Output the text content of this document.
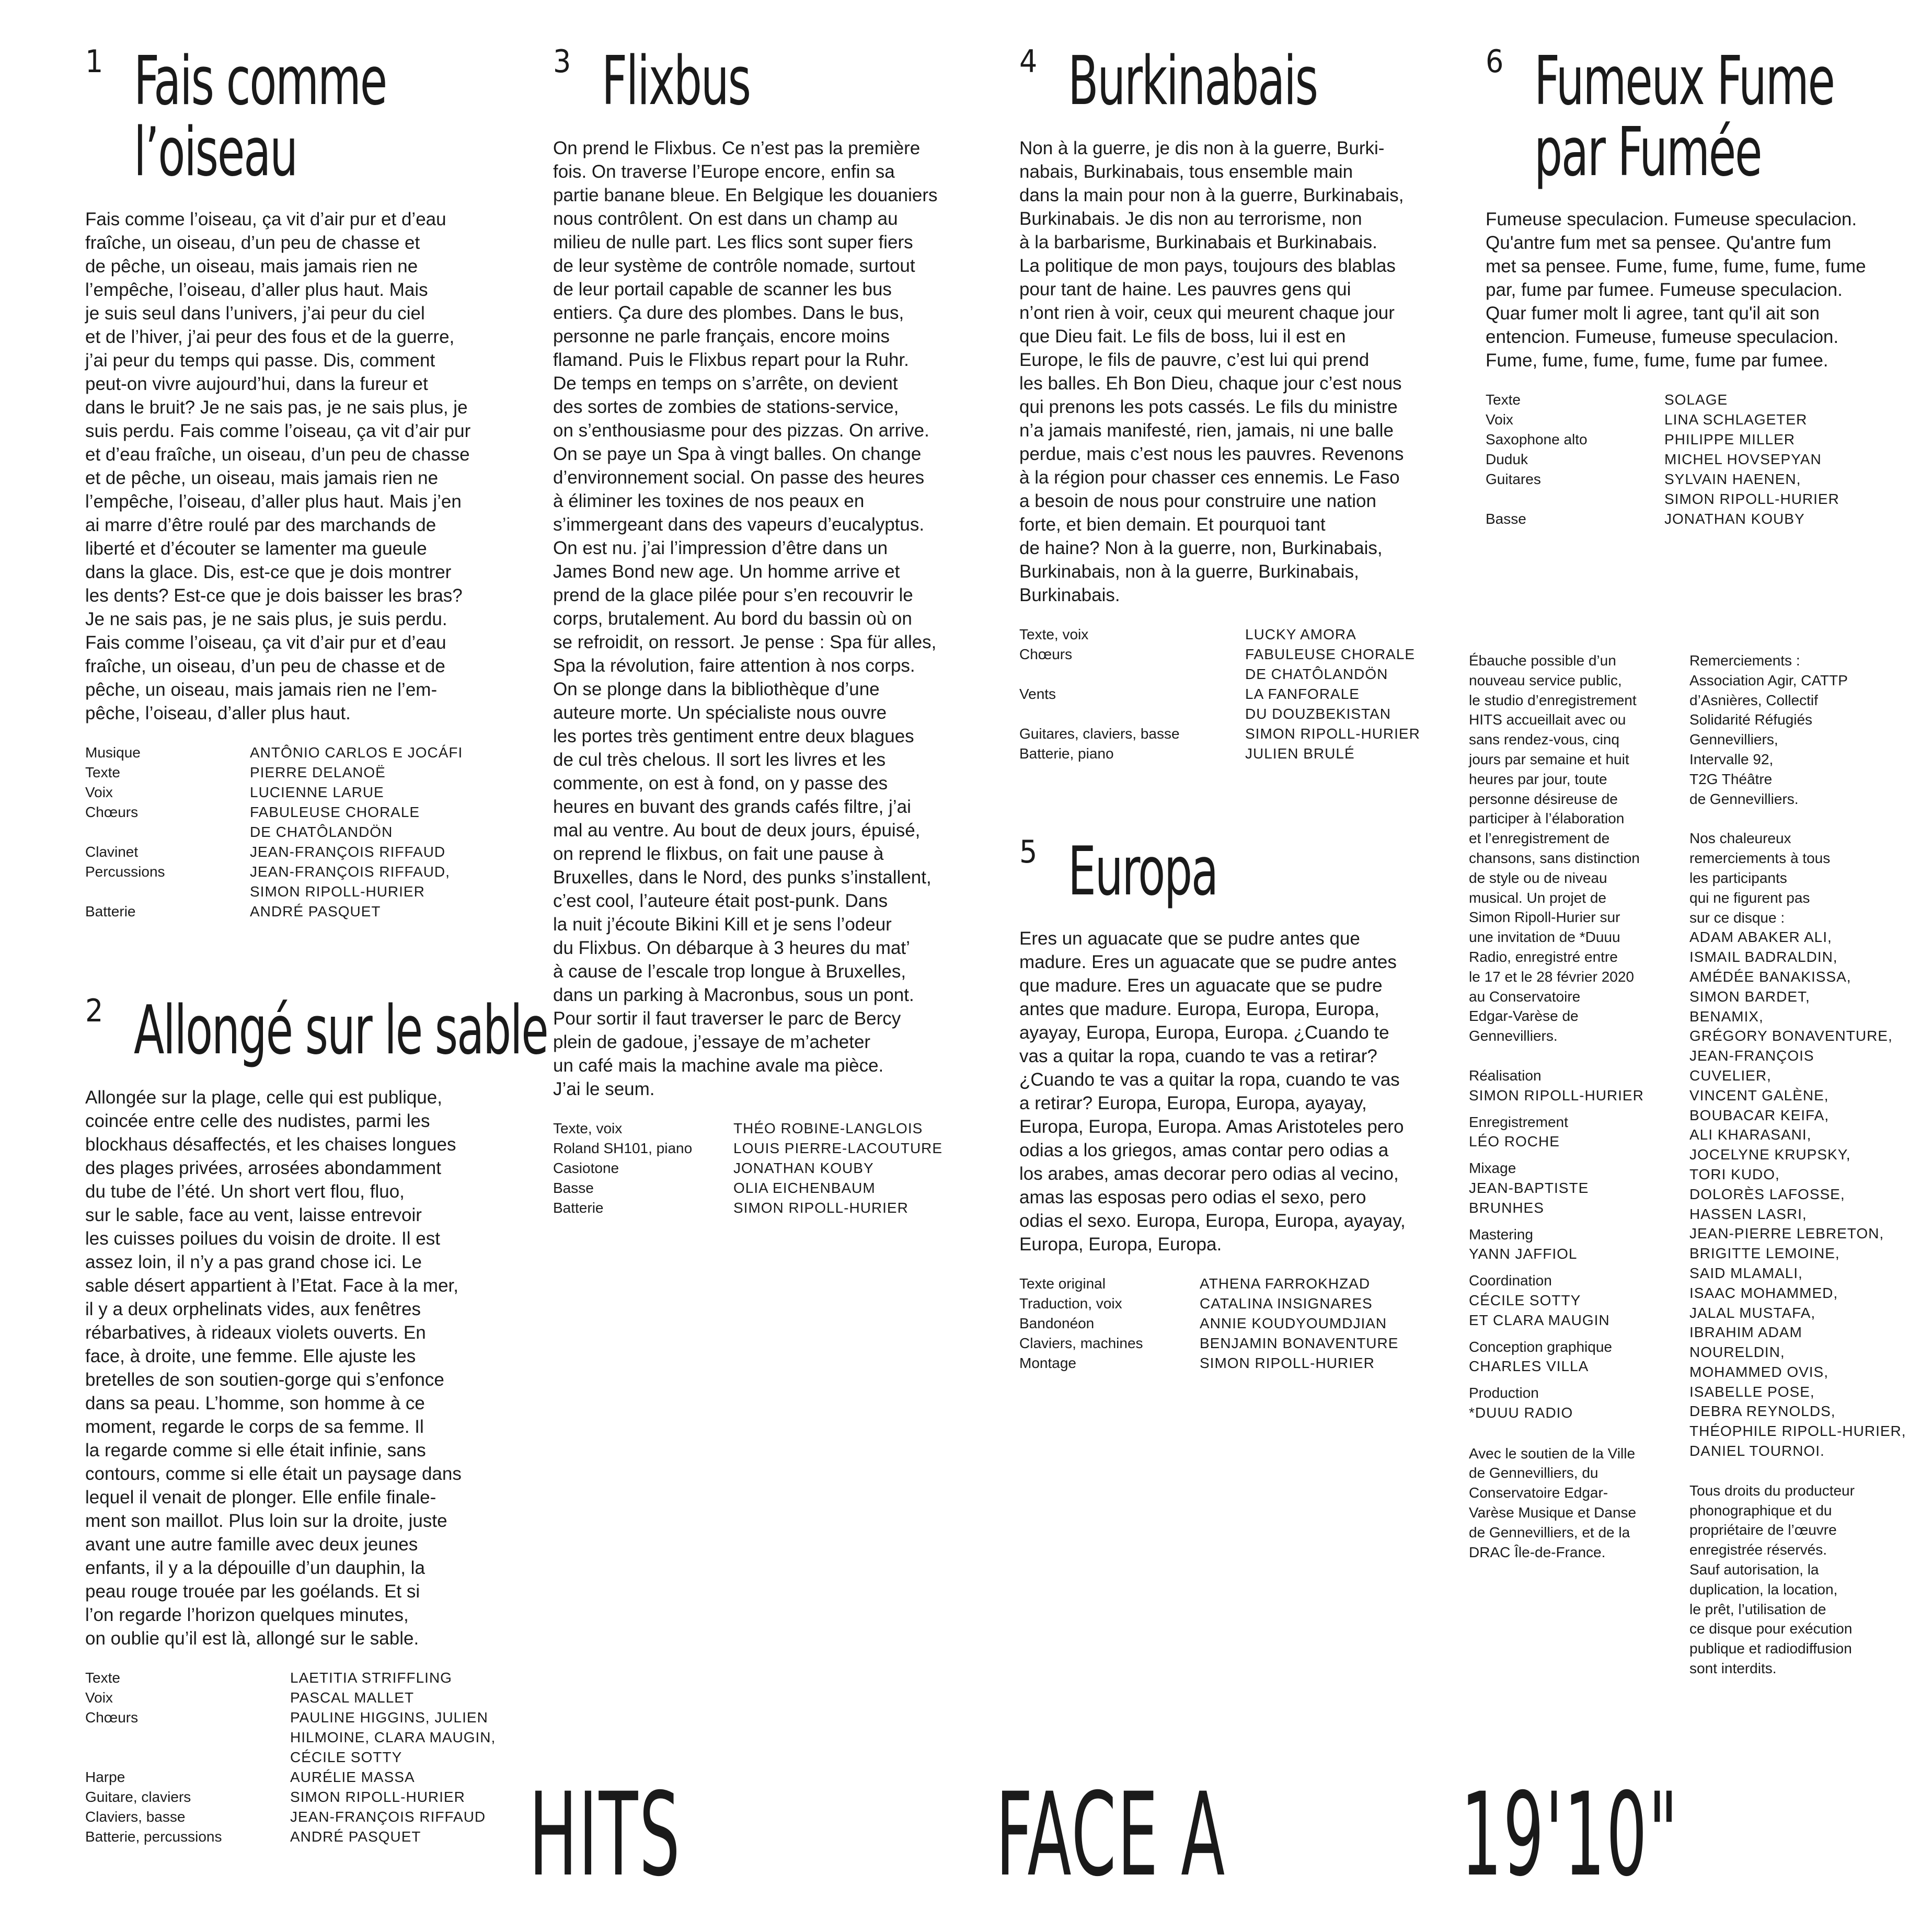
1 Fais comme
l’oiseau

Fais comme l’oiseau, ça vit d’air pur et d’eau
fraîche, un oiseau, d’un peu de chasse et
de pêche, un oiseau, mais jamais rien ne
l’empêche, l’oiseau, d’aller plus haut. Mais
je suis seul dans l’univers, j’ai peur du ciel
et de l’hiver, j’ai peur des fous et de la guerre,
j’ai peur du temps qui passe. Dis, comment
peut-on vivre aujourd’hui, dans la fureur et
dans le bruit? Je ne sais pas, je ne sais plus, je
suis perdu. Fais comme l’oiseau, ça vit d’air pur
et d’eau fraîche, un oiseau, d’un peu de chasse
et de pêche, un oiseau, mais jamais rien ne
l’empêche, l’oiseau, d’aller plus haut. Mais j’en
ai marre d’être roulé par des marchands de
liberté et d’écouter se lamenter ma gueule
dans la glace. Dis, est-ce que je dois montrer
les dents? Est-ce que je dois baisser les bras?
Je ne sais pas, je ne sais plus, je suis perdu.
Fais comme l’oiseau, ça vit d’air pur et d’eau
fraîche, un oiseau, d’un peu de chasse et de
pêche, un oiseau, mais jamais rien ne l’em-
pêche, l’oiseau, d’aller plus haut.

Musique	ANTÔNIO CARLOS E JOCÁFI
Texte	PIERRE DELANOË
Voix	LUCIENNE LARUE
Chœurs	FABULEUSE CHORALE
DE CHATÔLANDÖN
Clavinet	JEAN-FRANÇOIS RIFFAUD
Percussions	JEAN-FRANÇOIS RIFFAUD,
SIMON RIPOLL-HURIER
Batterie	ANDRÉ PASQUET
2 Allongé sur le sable

Allongée sur la plage, celle qui est publique,
coincée entre celle des nudistes, parmi les
blockhaus désaffectés, et les chaises longues
des plages privées, arrosées abondamment
du tube de l’été. Un short vert flou, fluo,
sur le sable, face au vent, laisse entrevoir
les cuisses poilues du voisin de droite. Il est
assez loin, il n’y a pas grand chose ici. Le
sable désert appartient à l’Etat. Face à la mer,
il y a deux orphelinats vides, aux fenêtres
rébarbatives, à rideaux violets ouverts. En
face, à droite, une femme. Elle ajuste les
bretelles de son soutien-gorge qui s’enfonce
dans sa peau. L’homme, son homme à ce
moment, regarde le corps de sa femme. Il
la regarde comme si elle était infinie, sans
contours, comme si elle était un paysage dans
lequel il venait de plonger. Elle enfile finale-
ment son maillot. Plus loin sur la droite, juste
avant une autre famille avec deux jeunes
enfants, il y a la dépouille d’un dauphin, la
peau rouge trouée par les goélands. Et si
l’on regarde l’horizon quelques minutes,
on oublie qu’il est là, allongé sur le sable.

Texte	LAETITIA STRIFFLING
Voix	PASCAL MALLET
Chœurs	PAULINE HIGGINS, JULIEN
HILMOINE, CLARA MAUGIN,
CÉCILE SOTTY
Harpe	AURÉLIE MASSA
Guitare, claviers	SIMON RIPOLL-HURIER
Claviers, basse	JEAN-FRANÇOIS RIFFAUD
Batterie, percussions	ANDRÉ PASQUET
3 Flixbus

On prend le Flixbus. Ce n’est pas la première
fois. On traverse l’Europe encore, enfin sa
partie banane bleue. En Belgique les douaniers
nous contrôlent. On est dans un champ au
milieu de nulle part. Les flics sont super fiers
de leur système de contrôle nomade, surtout
de leur portail capable de scanner les bus
entiers. Ça dure des plombes. Dans le bus,
personne ne parle français, encore moins
flamand. Puis le Flixbus repart pour la Ruhr.
De temps en temps on s’arrête, on devient
des sortes de zombies de stations-service,
on s’enthousiasme pour des pizzas. On arrive.
On se paye un Spa à vingt balles. On change
d’environnement social. On passe des heures
à éliminer les toxines de nos peaux en
s’immergeant dans des vapeurs d’eucalyptus.
On est nu. j’ai l’impression d’être dans un
James Bond new age. Un homme arrive et
prend de la glace pilée pour s’en recouvrir le
corps, brutalement. Au bord du bassin où on
se refroidit, on ressort. Je pense : Spa für alles,
Spa la révolution, faire attention à nos corps.
On se plonge dans la bibliothèque d’une
auteure morte. Un spécialiste nous ouvre
les portes très gentiment entre deux blagues
de cul très chelous. Il sort les livres et les
commente, on est à fond, on y passe des
heures en buvant des grands cafés filtre, j’ai
mal au ventre. Au bout de deux jours, épuisé,
on reprend le flixbus, on fait une pause à
Bruxelles, dans le Nord, des punks s’installent,
c’est cool, l’auteure était post-punk. Dans
la nuit j’écoute Bikini Kill et je sens l’odeur
du Flixbus. On débarque à 3 heures du mat’
à cause de l’escale trop longue à Bruxelles,
dans un parking à Macronbus, sous un pont.
Pour sortir il faut traverser le parc de Bercy
plein de gadoue, j’essaye de m’acheter
un café mais la machine avale ma pièce.
J’ai le seum.

Texte, voix	THÉO ROBINE-LANGLOIS
Roland SH101, piano	LOUIS PIERRE-LACOUTURE
Casiotone	JONATHAN KOUBY
Basse	OLIA EICHENBAUM
Batterie	SIMON RIPOLL-HURIER
4 Burkinabais

Non à la guerre, je dis non à la guerre, Burki-
nabais, Burkinabais, tous ensemble main
dans la main pour non à la guerre, Burkinabais,
Burkinabais. Je dis non au terrorisme, non
à la barbarisme, Burkinabais et Burkinabais.
La politique de mon pays, toujours des blablas
pour tant de haine. Les pauvres gens qui
n’ont rien à voir, ceux qui meurent chaque jour
que Dieu fait. Le fils de boss, lui il est en
Europe, le fils de pauvre, c’est lui qui prend
les balles. Eh Bon Dieu, chaque jour c’est nous
qui prenons les pots cassés. Le fils du ministre
n’a jamais manifesté, rien, jamais, ni une balle
perdue, mais c’est nous les pauvres. Revenons
à la région pour chasser ces ennemis. Le Faso
a besoin de nous pour construire une nation
forte, et bien demain. Et pourquoi tant
de haine? Non à la guerre, non, Burkinabais,
Burkinabais, non à la guerre, Burkinabais,
Burkinabais.

Texte, voix	LUCKY AMORA
Chœurs	FABULEUSE CHORALE
DE CHATÔLANDÖN
Vents	LA FANFORALE
DU DOUZBEKISTAN
Guitares, claviers, basse	SIMON RIPOLL-HURIER
Batterie, piano	JULIEN BRULÉ
5 Europa

Eres un aguacate que se pudre antes que
madure. Eres un aguacate que se pudre antes
que madure. Eres un aguacate que se pudre
antes que madure. Europa, Europa, Europa,
ayayay, Europa, Europa, Europa. ¿Cuando te
vas a quitar la ropa, cuando te vas a retirar?
¿Cuando te vas a quitar la ropa, cuando te vas
a retirar? Europa, Europa, Europa, ayayay,
Europa, Europa, Europa. Amas Aristoteles pero
odias a los griegos, amas contar pero odias a
los arabes, amas decorar pero odias al vecino,
amas las esposas pero odias el sexo, pero
odias el sexo. Europa, Europa, Europa, ayayay,
Europa, Europa, Europa.

Texte original	ATHENA FARROKHZAD
Traduction, voix	CATALINA INSIGNARES
Bandonéon	ANNIE KOUDYOUMDJIAN
Claviers, machines	BENJAMIN BONAVENTURE
Montage	SIMON RIPOLL-HURIER
6 Fumeux Fume
par Fumée

Fumeuse speculacion. Fumeuse speculacion.
Qu'antre fum met sa pensee. Qu'antre fum
met sa pensee. Fume, fume, fume, fume, fume
par, fume par fumee. Fumeuse speculacion.
Quar fumer molt li agree, tant qu'il ait son
entencion. Fumeuse, fumeuse speculacion.
Fume, fume, fume, fume, fume par fumee.

Texte	SOLAGE
Voix	LINA SCHLAGETER
Saxophone alto	PHILIPPE MILLER
Duduk	MICHEL HOVSEPYAN
Guitares	SYLVAIN HAENEN,
SIMON RIPOLL-HURIER
Basse	JONATHAN KOUBY

Ébauche possible d’un
nouveau service public,
le studio d’enregistrement
HITS accueillait avec ou
sans rendez-vous, cinq
jours par semaine et huit
heures par jour, toute
personne désireuse de
participer à l’élaboration
et l’enregistrement de
chansons, sans distinction
de style ou de niveau
musical. Un projet de
Simon Ripoll-Hurier sur
une invitation de *Duuu
Radio, enregistré entre
le 17 et le 28 février 2020
au Conservatoire
Edgar-Varèse de
Gennevilliers.

Réalisation
SIMON RIPOLL-HURIER
Enregistrement
LÉO ROCHE
Mixage
JEAN-BAPTISTE
BRUNHES
Mastering
YANN JAFFIOL
Coordination
CÉCILE SOTTY
ET CLARA MAUGIN
Conception graphique
CHARLES VILLA
Production
*DUUU RADIO

Avec le soutien de la Ville
de Gennevilliers, du
Conservatoire Edgar-
Varèse Musique et Danse
de Gennevilliers, et de la
DRAC Île-de-France.

Remerciements :
Association Agir, CATTP
d’Asnières, Collectif
Solidarité Réfugiés
Gennevilliers,
Intervalle 92,
T2G Théâtre
de Gennevilliers.

Nos chaleureux
remerciements à tous
les participants
qui ne figurent pas
sur ce disque :

ADAM ABAKER ALI,
ISMAIL BADRALDIN,
AMÉDÉE BANAKISSA,
SIMON BARDET,
BENAMIX,
GRÉGORY BONAVENTURE,
JEAN-FRANÇOIS
CUVELIER,
VINCENT GALÈNE,
BOUBACAR KEIFA,
ALI KHARASANI,
JOCELYNE KRUPSKY,
TORI KUDO,
DOLORÈS LAFOSSE,
HASSEN LASRI,
JEAN-PIERRE LEBRETON,
BRIGITTE LEMOINE,
SAID MLAMALI,
ISAAC MOHAMMED,
JALAL MUSTAFA,
IBRAHIM ADAM
NOURELDIN,
MOHAMMED OVIS,
ISABELLE POSE,
DEBRA REYNOLDS,
THÉOPHILE RIPOLL-HURIER,
DANIEL TOURNOI.

Tous droits du producteur
phonographique et du
propriétaire de l’œuvre
enregistrée réservés.
Sauf autorisation, la
duplication, la location,
le prêt, l’utilisation de
ce disque pour exécution
publique et radiodiffusion
sont interdits.

HITS	FACE A 19'10"
